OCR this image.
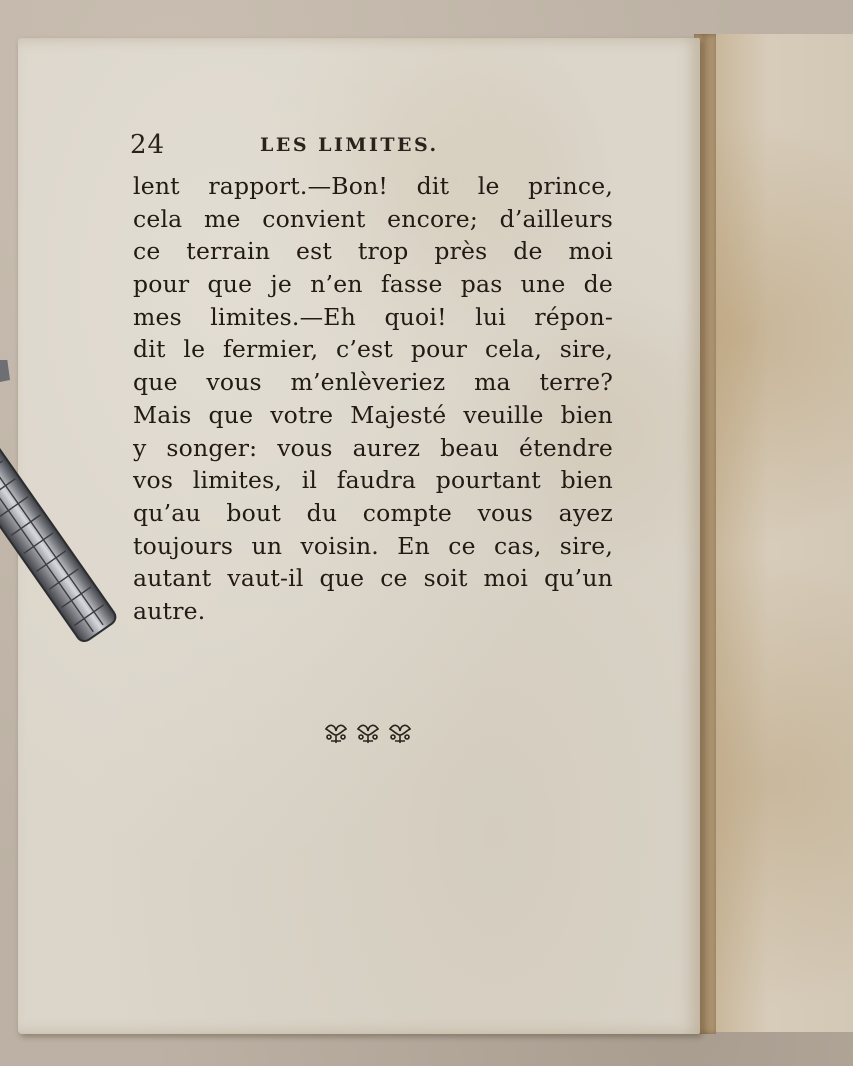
24	LES LIMITES.
lent rapport.—Bon! dit le prince,
cela me convient encore; d’ailleurs
ce terrain est trop près de moi
pour que je n’en fasse pas une de
mes limites.—Eh quoi! lui répon-
dit le fermier, c’est pour cela, sire,
que vous m’enlèveriez ma terre?
Mais que votre Majesté veuille bien
y songer: vous aurez beau étendre
vos limites, il faudra pourtant bien
qu’au bout du compte vous ayez
toujours un voisin. En ce cas, sire,
autant vaut-il que ce soit moi qu’un
autre.
